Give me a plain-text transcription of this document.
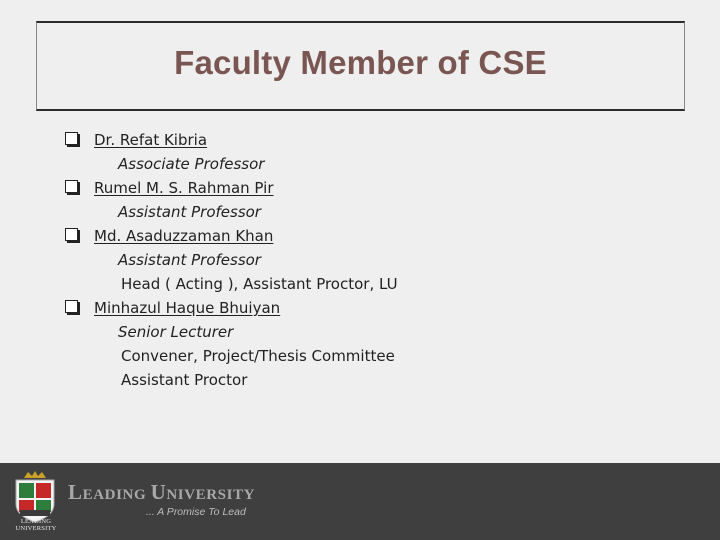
Faculty Member of CSE
Dr. Refat Kibria
Associate Professor
Rumel M. S. Rahman Pir
Assistant Professor
Md. Asaduzzaman Khan
Assistant Professor
Head ( Acting ), Assistant Proctor, LU
Minhazul Haque Bhuiyan
Senior Lecturer
Convener, Project/Thesis Committee
Assistant Proctor
LEADING UNIVERSITY
LEADING UNIVERSITY
... A Promise To Lead
